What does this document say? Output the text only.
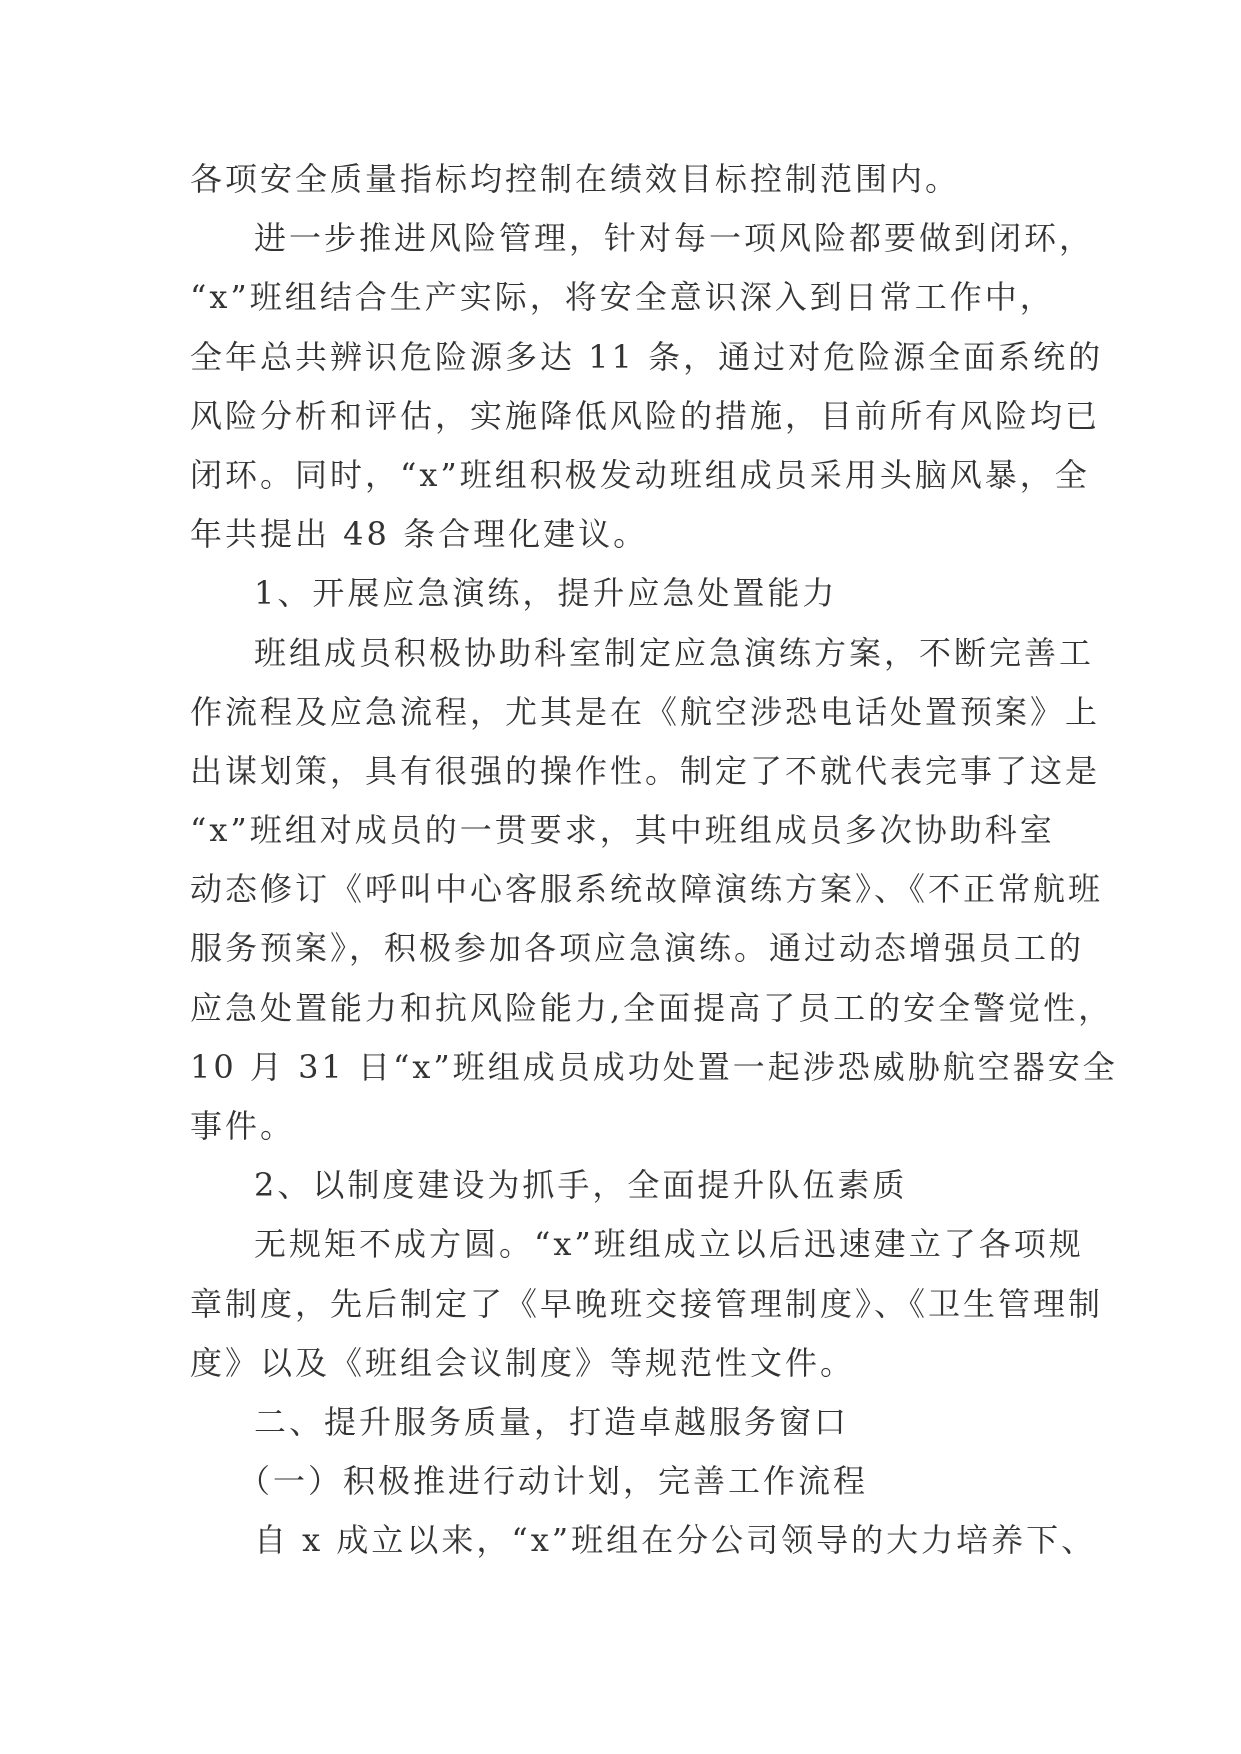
各项安全质量指标均控制在绩效目标控制范围内。
进一步推进风险管理，针对每一项风险都要做到闭环，
“x”班组结合生产实际，将安全意识深入到日常工作中，
全年总共辨识危险源多达 11 条，通过对危险源全面系统的
风险分析和评估，实施降低风险的措施，目前所有风险均已
闭环。同时，“x”班组积极发动班组成员采用头脑风暴，全
年共提出 48 条合理化建议。
1、开展应急演练，提升应急处置能力
班组成员积极协助科室制定应急演练方案，不断完善工
作流程及应急流程，尤其是在《航空涉恐电话处置预案》上
出谋划策，具有很强的操作性。制定了不就代表完事了这是
“x”班组对成员的一贯要求，其中班组成员多次协助科室
动态修订《呼叫中心客服系统故障演练方案》、《不正常航班
服务预案》，积极参加各项应急演练。通过动态增强员工的
应急处置能力和抗风险能力,全面提高了员工的安全警觉性，
10 月 31 日“x”班组成员成功处置一起涉恐威胁航空器安全
事件。
2、以制度建设为抓手，全面提升队伍素质
无规矩不成方圆。“x”班组成立以后迅速建立了各项规
章制度，先后制定了《早晚班交接管理制度》、《卫生管理制
度》以及《班组会议制度》等规范性文件。
二、提升服务质量，打造卓越服务窗口
（一）积极推进行动计划，完善工作流程
自 x 成立以来，“x”班组在分公司领导的大力培养下、
